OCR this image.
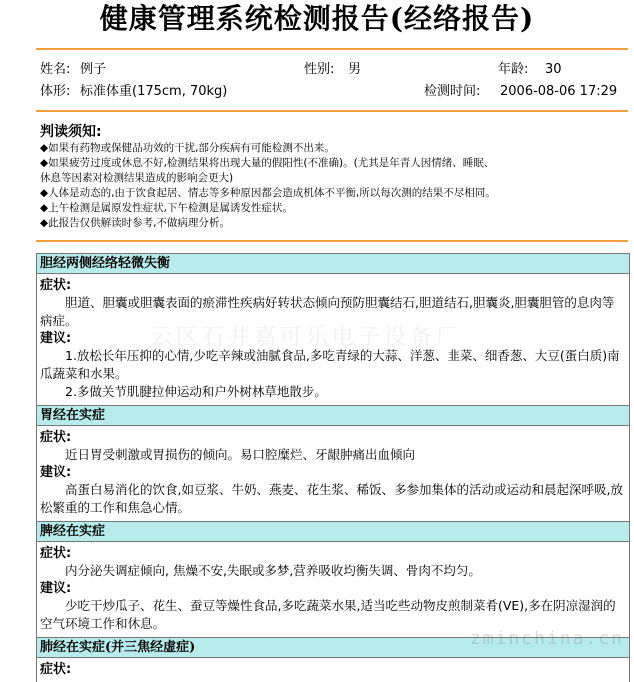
健康管理系统检测报告(经络报告)
姓名: 例子	性别: 男	年龄: 30
体形: 标准体重(175cm, 70kg)	检测时间: 2006-08-06 17:29
判读须知:
◆如果有药物或保健品功效的干扰,部分疾病有可能检测不出来。
◆如果疲劳过度或休息不好,检测结果将出现大量的假阳性(不准确)。(尤其是年青人因情绪、睡眠、
休息等因素对检测结果造成的影响会更大)
◆人体是动态的,由于饮食起居、情志等多种原因都会造成机体不平衡,所以每次测的结果不尽相同。
◆上午检测是属原发性症状,下午检测是属诱发性症状。
◆此报告仅供解读时参考,不做病理分析。
胆经两侧经络轻微失衡
症状:

胆道、胆囊或胆囊表面的瘀滞性疾病好转状态倾向预防胆囊结石,胆道结石,胆囊炎,胆囊胆管的息肉等病症。

建议:

1.放松长年压抑的心情,少吃辛辣或油腻食品,多吃青绿的大蒜、洋葱、韭菜、细香葱、大豆(蛋白质)南瓜蔬菜和水果。

2.多做关节肌腱拉伸运动和户外树林草地散步。

胃经在实症
症状:

近日胃受刺激或胃损伤的倾向。易口腔糜烂、牙龈肿痛出血倾向

建议:

高蛋白易消化的饮食,如豆浆、牛奶、燕麦、花生浆、稀饭、多参加集体的活动或运动和晨起深呼吸,放松繁重的工作和焦急心情。

脾经在实症
症状:

内分泌失调症倾向, 焦燥不安,失眠或多梦,营养吸收均衡失调、骨肉不均匀。

建议:

少吃干炒瓜子、花生、蚕豆等燥性食品,多吃蔬菜水果,适当吃些动物皮煎制菜肴(VE),多在阴凉湿润的空气环境工作和休息。

肺经在实症(并三焦经虚症)
症状:
云区石井嘉可乐电子设备厂
zminchina.cn
